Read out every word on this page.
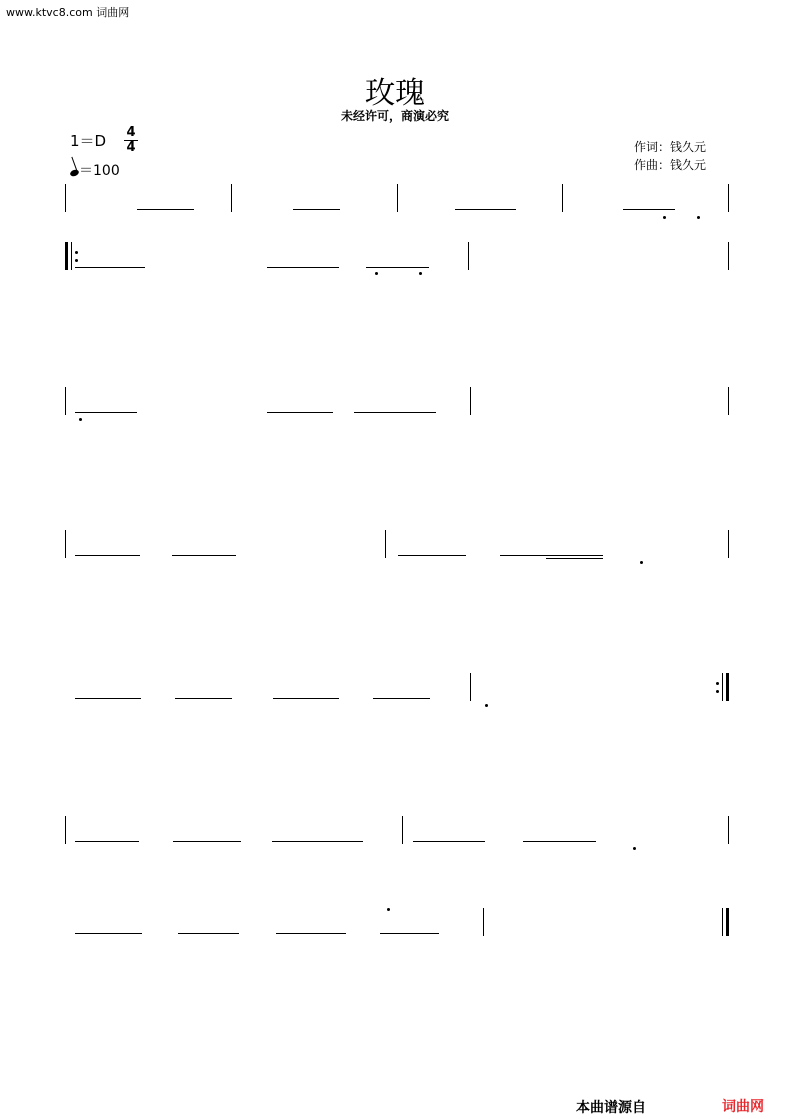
www.ktvc8.com 词曲网
玫瑰
未经许可，商演必究
1＝D 4
4
＝100
作词：钱久元
作曲：钱久元
本曲谱源自	词曲网
